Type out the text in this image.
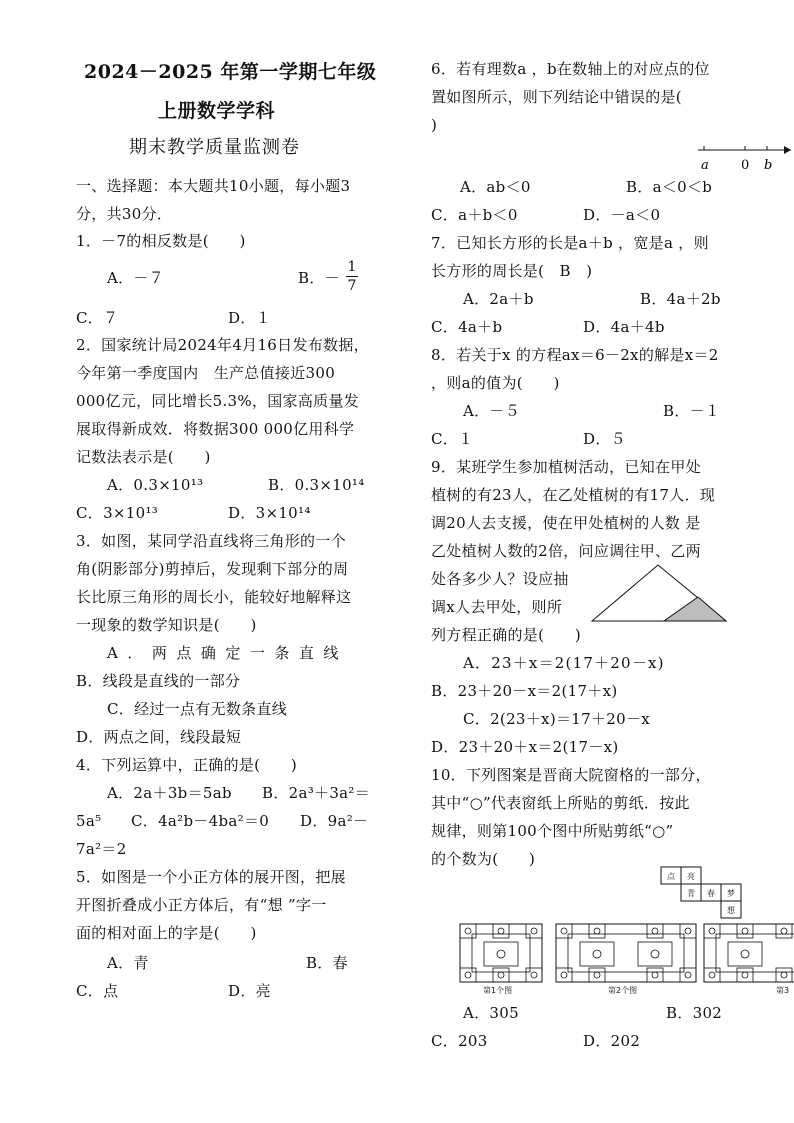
2024－2025 年第一学期七年级
上册数学学科
期末教学质量监测卷
一、选择题：本大题共10小题，每小题3
分，共30分．
1．－7的相反数是(　　)
A．－７	B．－
1
7
C．７	D．１
2．国家统计局2024年4月16日发布数据，
今年第一季度国内　生产总值接近300
000亿元，同比增长5.3%，国家高质量发
展取得新成效．将数据300 000亿用科学
记数法表示是(　　)
A．0.3×10¹³	B．0.3×10¹⁴
C．3×10¹³	D．3×10¹⁴
3．如图，某同学沿直线将三角形的一个
角(阴影部分)剪掉后，发现剩下部分的周
长比原三角形的周长小，能较好地解释这
一现象的数学知识是(　　)
A．两点确定一条直线
B．线段是直线的一部分
C．经过一点有无数条直线
D．两点之间，线段最短
4．下列运算中，正确的是(　　)
A．2a＋3b＝5ab B．2a³＋3a²＝
5a⁵ C．4a²b－4ba²＝0 D．9a²－
7a²＝2
5．如图是一个小正方体的展开图，把展
开图折叠成小正方体后，有“想 ”字一
面的相对面上的字是(　　)
A．青	B．春
C．点	D．亮
6．若有理数a ，b在数轴上的对应点的位
置如图所示，则下列结论中错误的是(
)
a 0 b
A．ab＜0	B．a＜0＜b
C．a＋b＜0	D．－a＜0
7．已知长方形的长是a＋b ，宽是a ，则
长方形的周长是(　B　)
A．2a＋b	B．4a＋2b
C．4a＋b	D．4a＋4b
8．若关于x 的方程ax＝6－2x的解是x＝2
，则a的值为(　　)
A．－５	B．－１
C．１	D．５
9．某班学生参加植树活动，已知在甲处
植树的有23人，在乙处植树的有17人．现
调20人去支援，使在甲处植树的人数 是
乙处植树人数的2倍，问应调往甲、乙两
处各多少人？设应抽
调x人去甲处，则所
列方程正确的是(　　)
A．23＋x＝2(17＋20－x)
B．23＋20－x＝2(17＋x)
C．2(23＋x)＝17＋20－x
D．23＋20＋x＝2(17－x)
10．下列图案是晋商大院窗格的一部分，
其中“○”代表窗纸上所贴的剪纸．按此
规律，则第100个图中所贴剪纸“○”
的个数为(　　)
点 亮
青 春 梦
想
第1个图	第2个图	第3
A．305	B．302
C．203	D．202
